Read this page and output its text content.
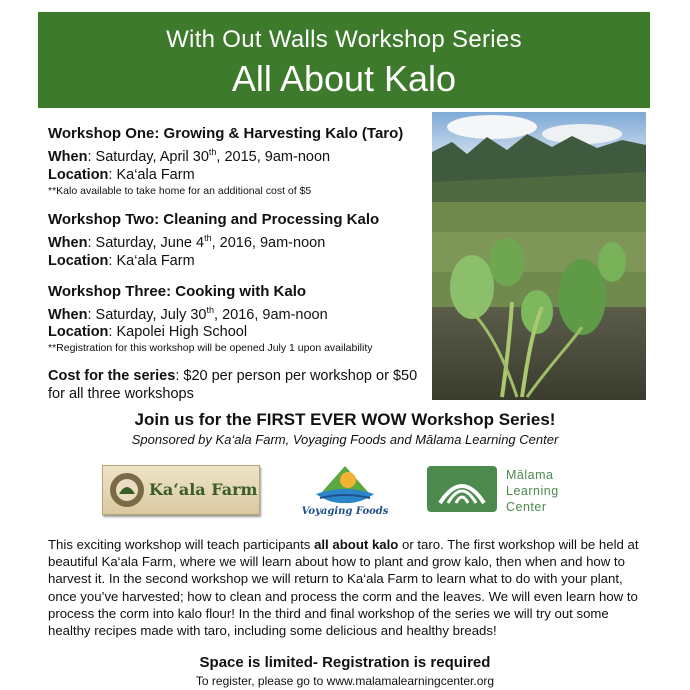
With Out Walls Workshop Series
All About Kalo
Workshop One: Growing & Harvesting Kalo (Taro)
When: Saturday, April 30th, 2015, 9am-noon
Location: Ka‘ala Farm
**Kalo available to take home for an additional cost of $5
Workshop Two: Cleaning and Processing Kalo
When: Saturday, June 4th, 2016, 9am-noon
Location: Ka‘ala Farm
Workshop Three: Cooking with Kalo
When: Saturday, July 30th, 2016, 9am-noon
Location: Kapolei High School
**Registration for this workshop will be opened July 1 upon availability
Cost for the series: $20 per person per workshop or $50 for all three workshops
Join us for the FIRST EVER WOW Workshop Series!
Sponsored by Ka‘ala Farm, Voyaging Foods and Mālama Learning Center
Ka‘ala Farm
Voyaging Foods
Mālama
Learning
Center
This exciting workshop will teach participants all about kalo or taro. The first workshop will be held at beautiful Ka‘ala Farm, where we will learn about how to plant and grow kalo, then when and how to harvest it. In the second workshop we will return to Ka‘ala Farm to learn what to do with your plant, once you’ve harvested; how to clean and process the corm and the leaves. We will even learn how to process the corm into kalo flour! In the third and final workshop of the series we will try out some healthy recipes made with taro, including some delicious and healthy breads!
Space is limited- Registration is required
To register, please go to www.malamalearningcenter.org
